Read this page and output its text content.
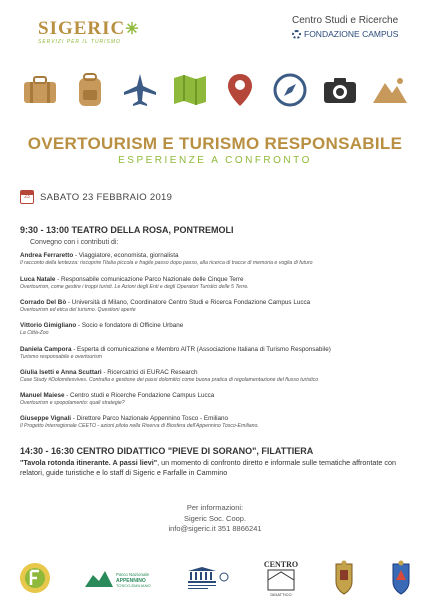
SIGERIC✳
SERVIZI PER IL TURISMO
Centro Studi e Ricerche
FONDAZIONE CAMPUS
OVERTOURISM E TURISMO RESPONSABILE
ESPERIENZE A CONFRONTO
23	SABATO 23 FEBBRAIO 2019
9:30 - 13:00 TEATRO DELLA ROSA, PONTREMOLI
Convegno con i contributi di:
Andrea Ferraretto - Viaggiatore, economista, giornalista
Il racconto della lentezza: riscoprire l'Italia piccola e fragile passo dopo passo, alla ricerca di tracce di memoria e voglia di futuro
Luca Natale - Responsabile comunicazione Parco Nazionale delle Cinque Terre
Overtourism, come gestire i troppi turisti. Le Azioni degli Enti e degli Operatori Turistici delle 5 Terre.
Corrado Del Bò - Università di Milano, Coordinatore Centro Studi e Ricerca Fondazione Campus Lucca
Overtourism ed etica del turismo. Questioni aperte
Vittorio Gimigliano - Socio e fondatore di Officine Urbane
La Città-Zoo
Daniela Campora - Esperta di comunicazione e Membro AITR (Associazione Italiana di Turismo Responsabile)
Turismo responsabile e overtourism
Giulia Isetti e Anna Scuttari - Ricercatrici di EURAC Research
Case Study #Dolomitesvives. Contrafia e gestione dei passi dolomitici come buona pratica di regolamentazione del flusso turistico
Manuel Maiese - Centro studi e Ricerche Fondazione Campus Lucca
Overtourism e spopolamento: quali strategie?
Giuseppe Vignali - Direttore Parco Nazionale Appennino Tosco - Emiliano
Il Progetto Interregionale CEETO - azioni pilota nella Riserva di Biosfera dell'Appennino Tosco-Emiliano.
14:30 - 16:30 CENTRO DIDATTICO "PIEVE DI SORANO", FILATTIERA
"Tavola rotonda itinerante. A passi lievi", un momento di confronto diretto e informale sulle tematiche affrontate con relatori, guide turistiche e lo staff di Sigeric e Farfalle in Cammino
Per informazioni:
Sigeric Soc. Coop.
info@sigeric.it 351 8866241
Parco Nazionale
APPENNINO
TOSCO-EMILIANO
CENTRO
DIDATTICO
